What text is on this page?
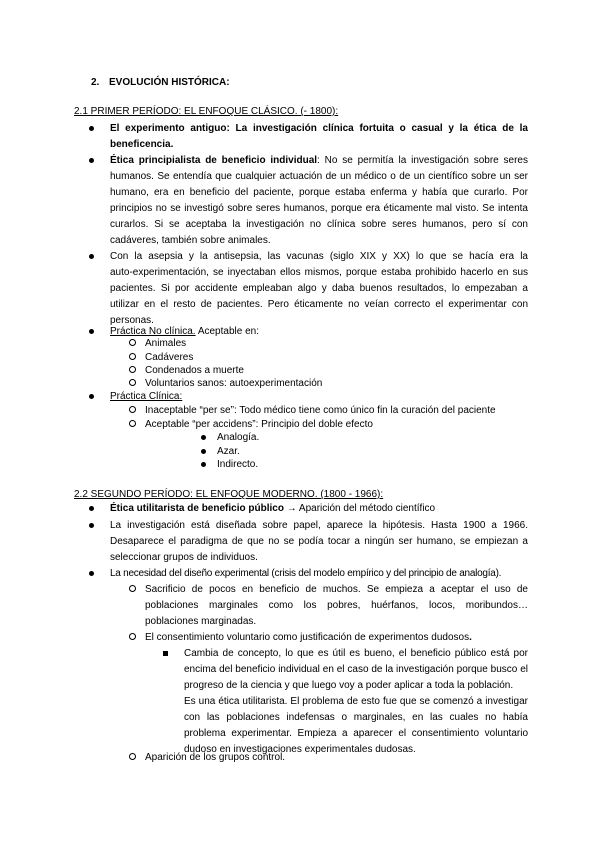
2. EVOLUCIÓN HISTÓRICA:
2.1 PRIMER PERÍODO: EL ENFOQUE CLÁSICO. (- 1800):
El experimento antiguo: La investigación clínica fortuita o casual y la ética de la
beneficencia.
Ética principialista de beneficio individual: No se permitía la investigación sobre seres
humanos. Se entendía que cualquier actuación de un médico o de un científico sobre un ser
humano, era en beneficio del paciente, porque estaba enferma y había que curarlo. Por
principios no se investigó sobre seres humanos, porque era éticamente mal visto. Se intenta
curarlos. Si se aceptaba la investigación no clínica sobre seres humanos, pero sí con
cadáveres, también sobre animales.
Con la asepsia y la antisepsia, las vacunas (siglo XIX y XX) lo que se hacía era la
auto-experimentación, se inyectaban ellos mismos, porque estaba prohibido hacerlo en sus
pacientes. Si por accidente empleaban algo y daba buenos resultados, lo empezaban a
utilizar en el resto de pacientes. Pero éticamente no veían correcto el experimentar con
personas.
Práctica No clínica. Aceptable en:
Animales
Cadáveres
Condenados a muerte
Voluntarios sanos: autoexperimentación
Práctica Clínica:
Inaceptable “per se”: Todo médico tiene como único fin la curación del paciente
Aceptable “per accidens”: Principio del doble efecto
Analogía.
Azar.
Indirecto.
2.2 SEGUNDO PERÍODO: EL ENFOQUE MODERNO. (1800 - 1966):
Ética utilitarista de beneficio público → Aparición del método científico
La investigación está diseñada sobre papel, aparece la hipótesis. Hasta 1900 a 1966.
Desaparece el paradigma de que no se podía tocar a ningún ser humano, se empiezan a
seleccionar grupos de individuos.
La necesidad del diseño experimental (crisis del modelo empírico y del principio de analogía).
Sacrificio de pocos en beneficio de muchos. Se empieza a aceptar el uso de
poblaciones marginales como los pobres, huérfanos, locos, moribundos…
poblaciones marginadas.
El consentimiento voluntario como justificación de experimentos dudosos.
Cambia de concepto, lo que es útil es bueno, el beneficio público está por
encima del beneficio individual en el caso de la investigación porque busco el
progreso de la ciencia y que luego voy a poder aplicar a toda la población.
Es una ética utilitarista. El problema de esto fue que se comenzó a investigar
con las poblaciones indefensas o marginales, en las cuales no había
problema experimentar. Empieza a aparecer el consentimiento voluntario
dudoso en investigaciones experimentales dudosas.
Aparición de los grupos control.
